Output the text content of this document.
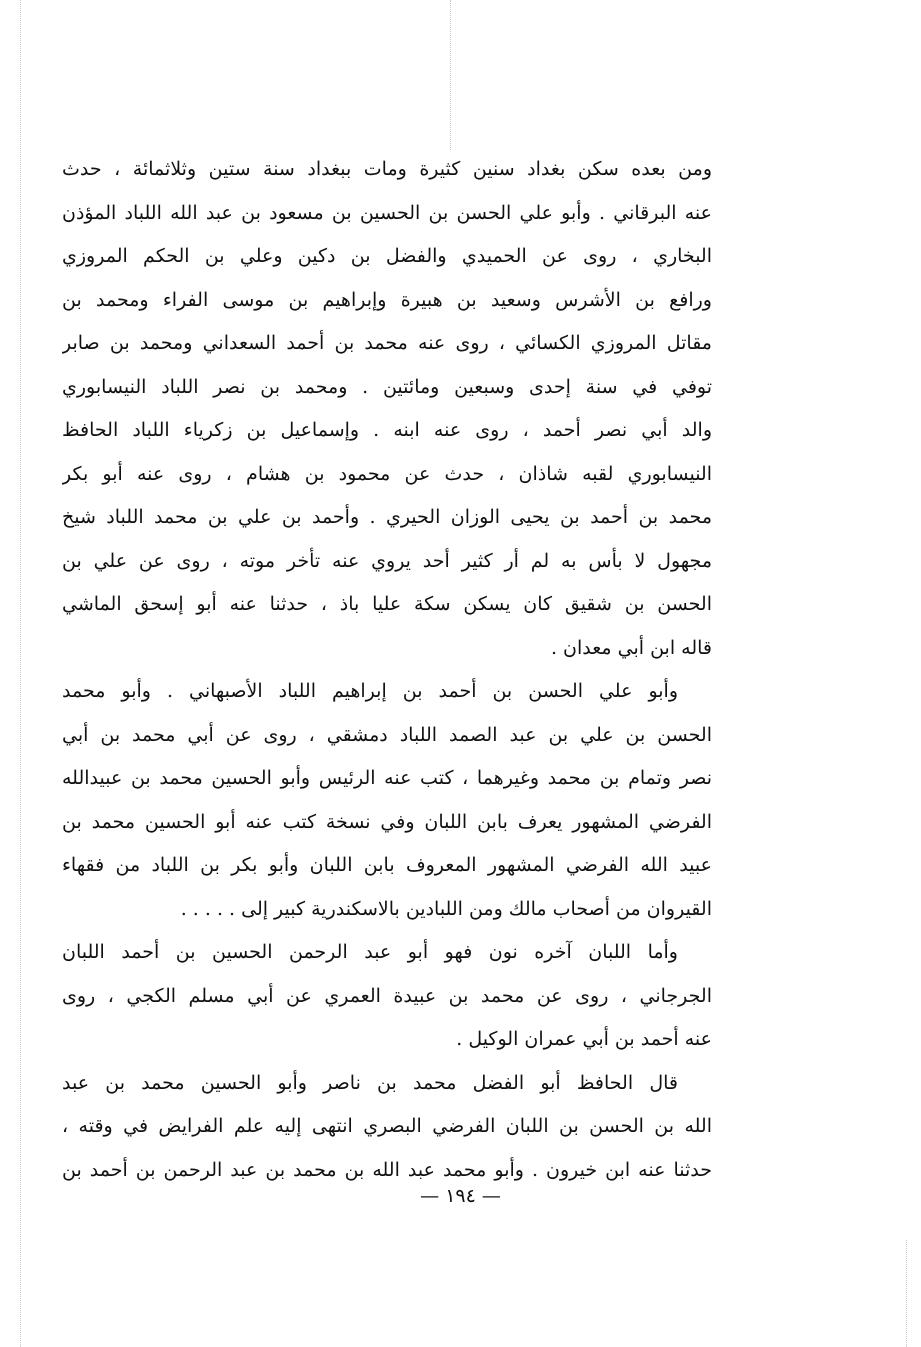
ومن بعده سكن بغداد سنين كثيرة ومات ببغداد سنة ستين وثلاثمائة ، حدث
عنه البرقاني . وأبو علي الحسن بن الحسين بن مسعود بن عبد الله اللباد المؤذن
البخاري ، روى عن الحميدي والفضل بن دكين وعلي بن الحكم المروزي
ورافع بن الأشرس وسعيد بن هبيرة وإبراهيم بن موسى الفراء ومحمد بن
مقاتل المروزي الكسائي ، روى عنه محمد بن أحمد السعداني ومحمد بن صابر
توفي في سنة إحدى وسبعين ومائتين . ومحمد بن نصر اللباد النيسابوري
والد أبي نصر أحمد ، روى عنه ابنه . وإسماعيل بن زكرياء اللباد الحافظ
النيسابوري لقبه شاذان ، حدث عن محمود بن هشام ، روى عنه أبو بكر
محمد بن أحمد بن يحيى الوزان الحيري . وأحمد بن علي بن محمد اللباد شيخ
مجهول لا بأس به لم أر كثير أحد يروي عنه تأخر موته ، روى عن علي بن
الحسن بن شقيق كان يسكن سكة عليا باذ ، حدثنا عنه أبو إسحق الماشي
قاله ابن أبي معدان .
وأبو علي الحسن بن أحمد بن إبراهيم اللباد الأصبهاني . وأبو محمد
الحسن بن علي بن عبد الصمد اللباد دمشقي ، روى عن أبي محمد بن أبي
نصر وتمام بن محمد وغيرهما ، كتب عنه الرئيس وأبو الحسين محمد بن عبيدالله
الفرضي المشهور يعرف بابن اللبان وفي نسخة كتب عنه أبو الحسين محمد بن
عبيد الله الفرضي المشهور المعروف بابن اللبان وأبو بكر بن اللباد من فقهاء
القيروان من أصحاب مالك ومن اللبادين بالاسكندرية كبير إلى . . . . .
وأما اللبان آخره نون فهو أبو عبد الرحمن الحسين بن أحمد اللبان
الجرجاني ، روى عن محمد بن عبيدة العمري عن أبي مسلم الكجي ، روى
عنه أحمد بن أبي عمران الوكيل .
قال الحافظ أبو الفضل محمد بن ناصر وأبو الحسين محمد بن عبد
الله بن الحسن بن اللبان الفرضي البصري انتهى إليه علم الفرايض في وقته ،
حدثنا عنه ابن خيرون . وأبو محمد عبد الله بن محمد بن عبد الرحمن بن أحمد بن
— ١٩٤ —
